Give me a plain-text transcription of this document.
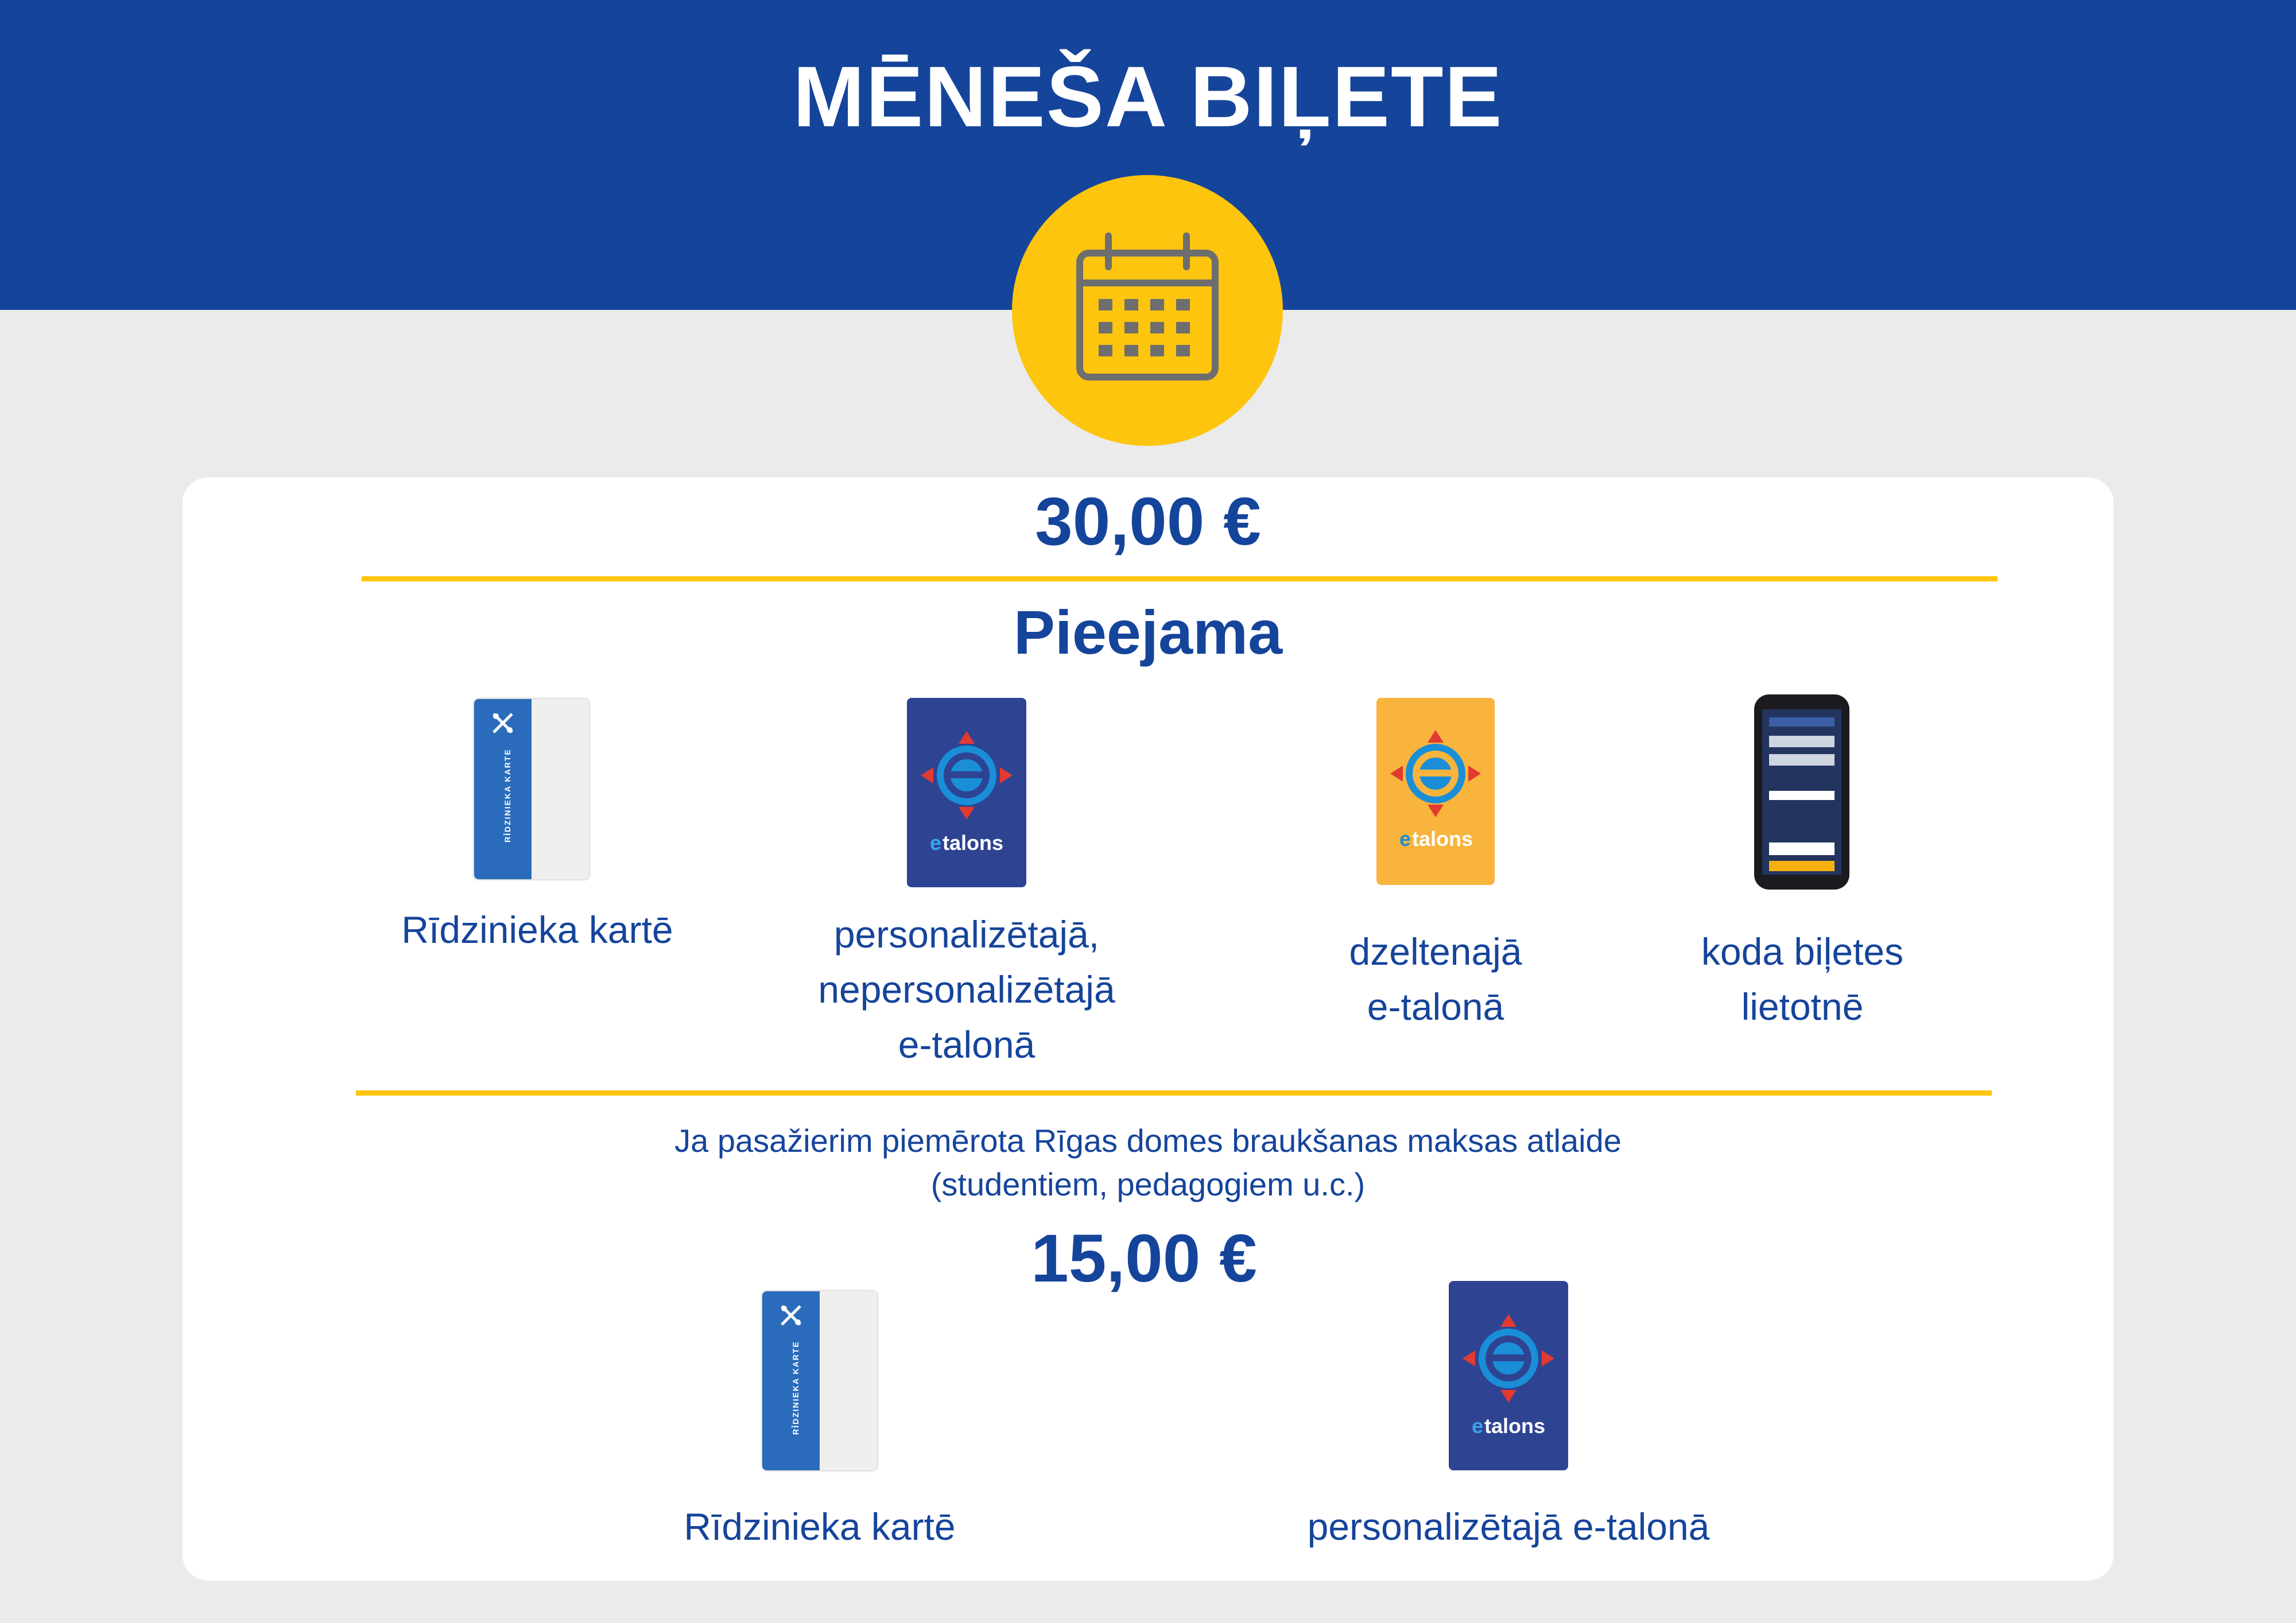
MĒNEŠA BIĻETE
30,00 €
Pieejama
RĪDZINIEKA KARTE
Rīdzinieka kartē
e talons
personalizētajā,
nepersonalizētajā
e-talonā
e talons
dzeltenajā
e-talonā
koda biļetes
lietotnē
Ja pasažierim piemērota Rīgas domes braukšanas maksas atlaide
(studentiem, pedagogiem u.c.)
15,00 €
RĪDZINIEKA KARTE
Rīdzinieka kartē
e talons
personalizētajā e-talonā
